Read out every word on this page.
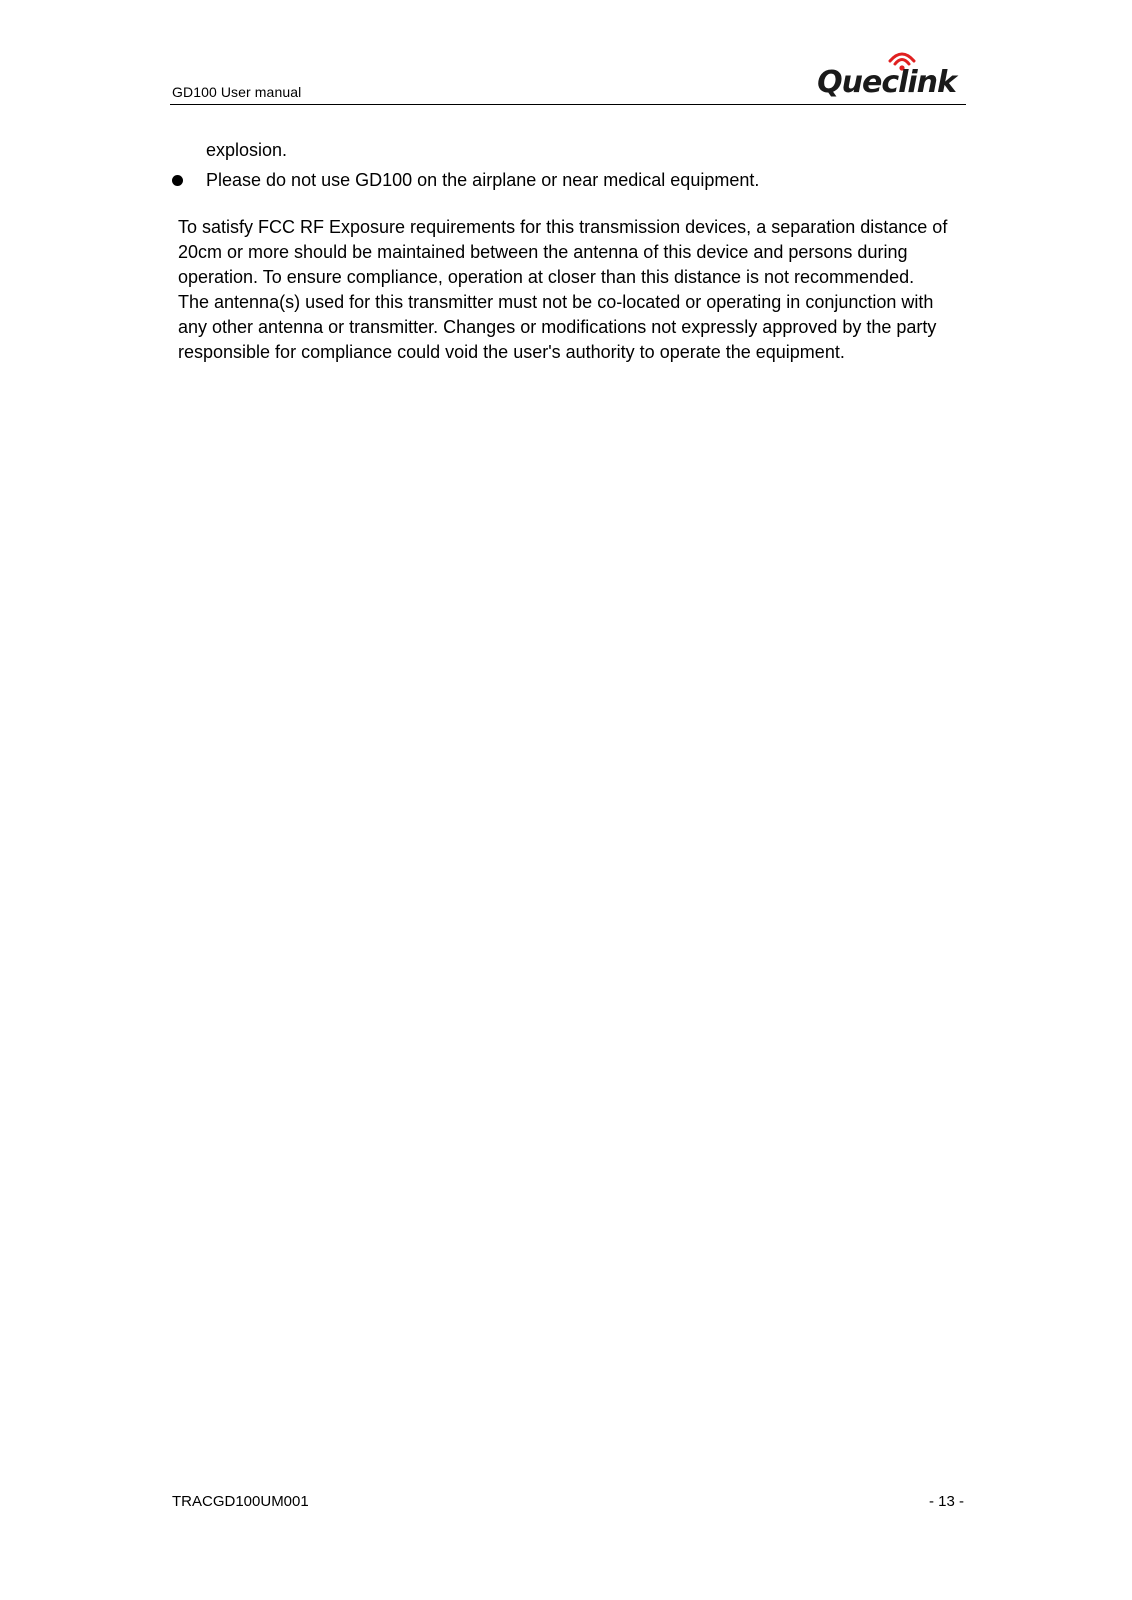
GD100 User manual	Queclink

explosion.

Please do not use GD100 on the airplane or near medical equipment.

To satisfy FCC RF Exposure requirements for this transmission devices, a separation distance of 20cm or more should be maintained between the antenna of this device and persons during operation. To ensure compliance, operation at closer than this distance is not recommended. The antenna(s) used for this transmitter must not be co-located or operating in conjunction with any other antenna or transmitter. Changes or modifications not expressly approved by the party responsible for compliance could void the user's authority to operate the equipment.

TRACGD100UM001	- 13 -
